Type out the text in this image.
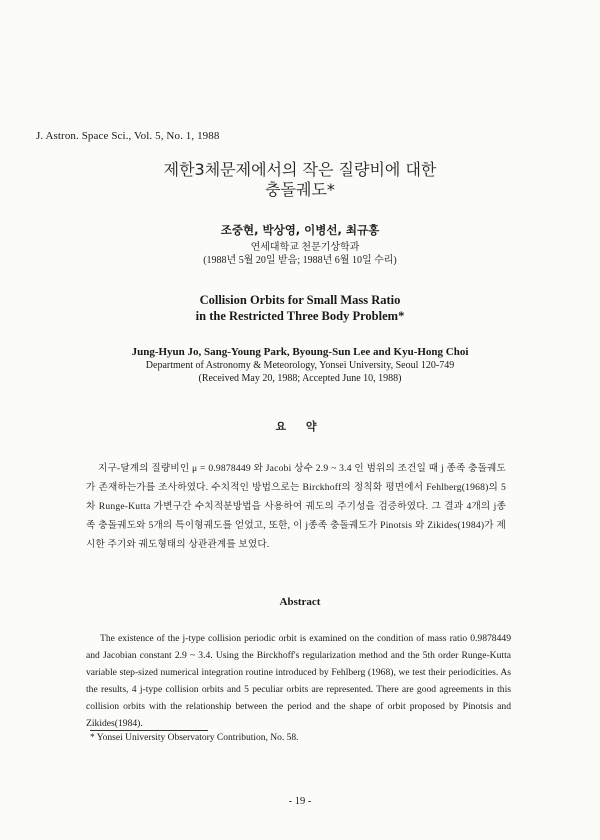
J. Astron. Space Sci., Vol. 5, No. 1, 1988
제한3체문제에서의 작은 질량비에 대한
충돌궤도*
조중현, 박상영, 이병선, 최규홍
연세대학교 천문기상학과
(1988년 5월 20일 받음; 1988년 6월 10일 수리)
Collision Orbits for Small Mass Ratio
in the Restricted Three Body Problem*
Jung-Hyun Jo, Sang-Young Park, Byoung-Sun Lee and Kyu-Hong Choi
Department of Astronomy & Meteorology, Yonsei University, Seoul 120-749
(Received May 20, 1988; Accepted June 10, 1988)
요 약
지구-달계의 질량비인 μ = 0.9878449 와 Jacobi 상수 2.9 ~ 3.4 인 범위의 조건일 때 j 종족 충돌궤도가 존재하는가를 조사하였다. 수치적인 방법으로는 Birckhoff의 정칙화 평면에서 Fehlberg(1968)의 5차 Runge-Kutta 가변구간 수치적분방법을 사용하여 궤도의 주기성을 검증하였다. 그 결과 4개의 j종족 충돌궤도와 5개의 특이형궤도를 얻었고, 또한, 이 j종족 충돌궤도가 Pinotsis 와 Zikides(1984)가 제시한 주기와 궤도형태의 상관관계를 보였다.
Abstract
The existence of the j-type collision periodic orbit is examined on the condition of mass ratio 0.9878449 and Jacobian constant 2.9 ~ 3.4. Using the Birckhoff's regularization method and the 5th order Runge-Kutta variable step-sized numerical integration routine introduced by Fehlberg (1968), we test their periodicities. As the results, 4 j-type collision orbits and 5 peculiar orbits are represented. There are good agreements in this collision orbits with the relationship between the period and the shape of orbit proposed by Pinotsis and Zikides(1984).
* Yonsei University Observatory Contribution, No. 58.
- 19 -
